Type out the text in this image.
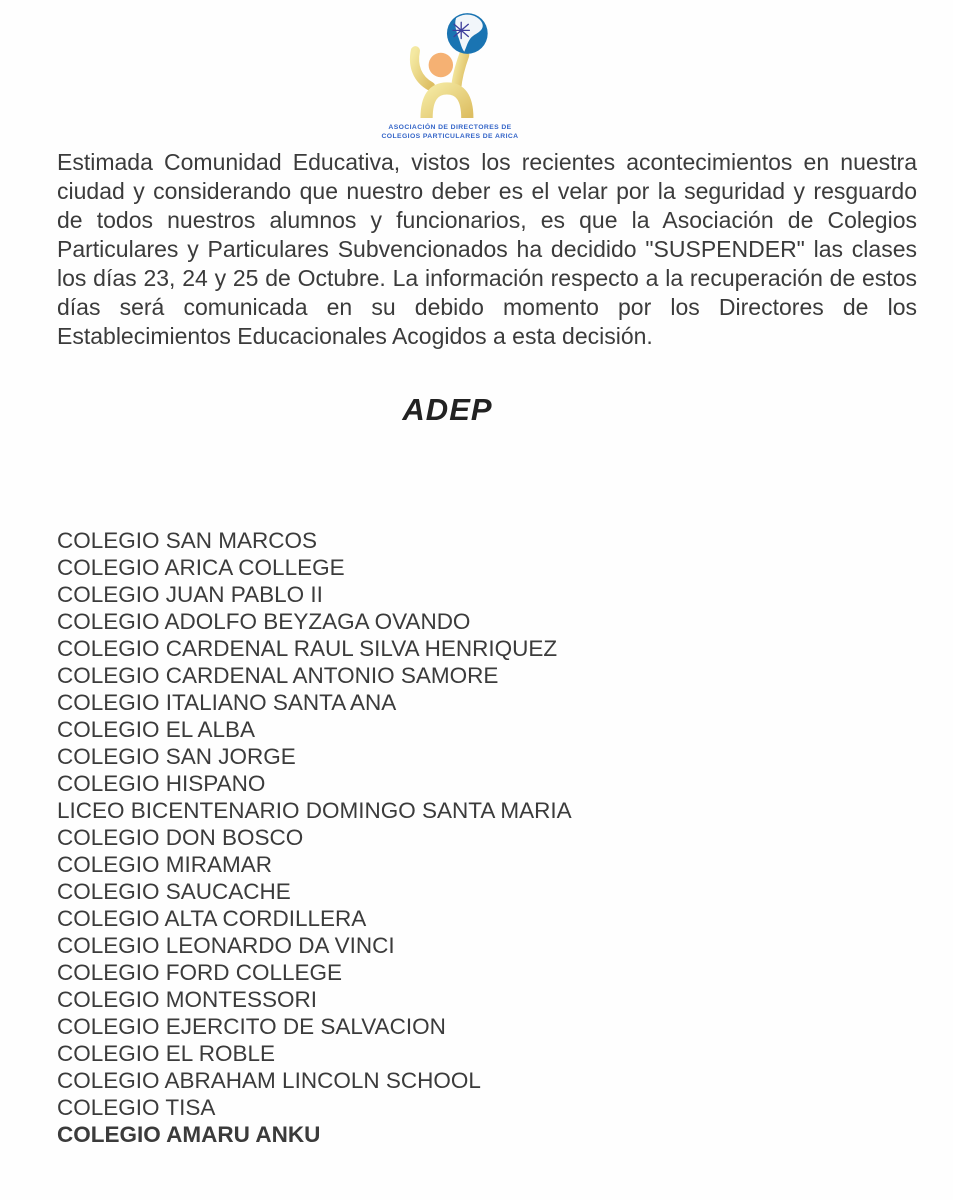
ASOCIACIÓN DE DIRECTORES DE
COLEGIOS PARTICULARES DE ARICA

Estimada Comunidad Educativa, vistos los recientes acontecimientos en nuestra ciudad y considerando que nuestro deber es el velar por la seguridad y resguardo de todos nuestros alumnos y funcionarios, es que la Asociación de Colegios Particulares y Particulares Subvencionados ha decidido "SUSPENDER" las clases los días 23, 24 y 25 de Octubre. La información respecto a la recuperación de estos días será comunicada en su debido momento por los Directores de los Establecimientos Educacionales Acogidos a esta decisión.

ADEP
COLEGIO SAN MARCOS
COLEGIO ARICA COLLEGE
COLEGIO JUAN PABLO II
COLEGIO ADOLFO BEYZAGA OVANDO
COLEGIO CARDENAL RAUL SILVA HENRIQUEZ
COLEGIO CARDENAL ANTONIO SAMORE
COLEGIO ITALIANO SANTA ANA
COLEGIO EL ALBA
COLEGIO SAN JORGE
COLEGIO HISPANO
LICEO BICENTENARIO DOMINGO SANTA MARIA
COLEGIO DON BOSCO
COLEGIO MIRAMAR
COLEGIO SAUCACHE
COLEGIO ALTA CORDILLERA
COLEGIO LEONARDO DA VINCI
COLEGIO FORD COLLEGE
COLEGIO MONTESSORI
COLEGIO EJERCITO DE SALVACION
COLEGIO EL ROBLE
COLEGIO ABRAHAM LINCOLN SCHOOL
COLEGIO TISA
COLEGIO AMARU ANKU
